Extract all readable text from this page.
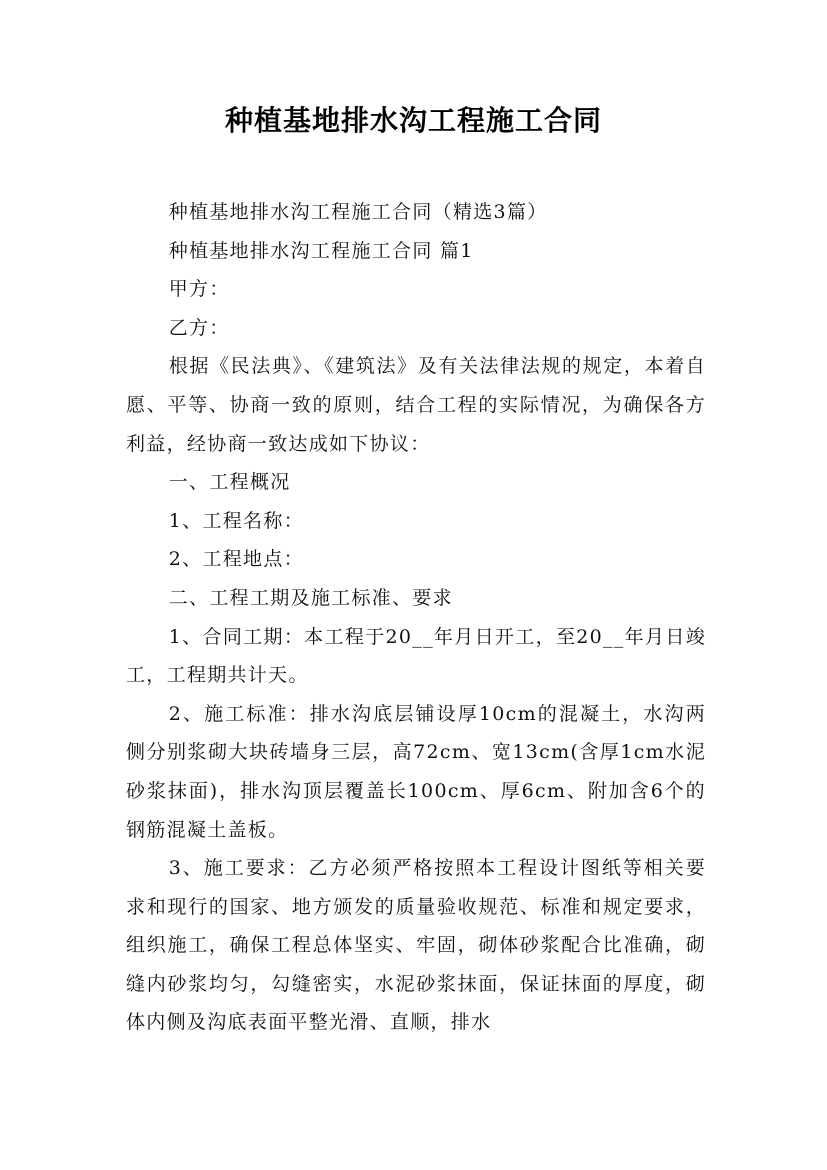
种植基地排水沟工程施工合同

种植基地排水沟工程施工合同（精选3篇）

种植基地排水沟工程施工合同 篇1

甲方：

乙方：

根据《民法典》、《建筑法》及有关法律法规的规定，本着自愿、平等、协商一致的原则，结合工程的实际情况，为确保各方利益，经协商一致达成如下协议：

一、工程概况

1、工程名称：

2、工程地点：

二、工程工期及施工标准、要求

1、合同工期：本工程于20__年月日开工，至20__年月日竣工，工程期共计天。

2、施工标准：排水沟底层铺设厚10cm的混凝土，水沟两侧分别浆砌大块砖墙身三层，高72cm、宽13cm(含厚1cm水泥砂浆抹面)，排水沟顶层覆盖长100cm、厚6cm、附加含6个的钢筋混凝土盖板。

3、施工要求：乙方必须严格按照本工程设计图纸等相关要求和现行的国家、地方颁发的质量验收规范、标准和规定要求，组织施工，确保工程总体坚实、牢固，砌体砂浆配合比准确，砌缝内砂浆均匀，勾缝密实，水泥砂浆抹面，保证抹面的厚度，砌体内侧及沟底表面平整光滑、直顺，排水
